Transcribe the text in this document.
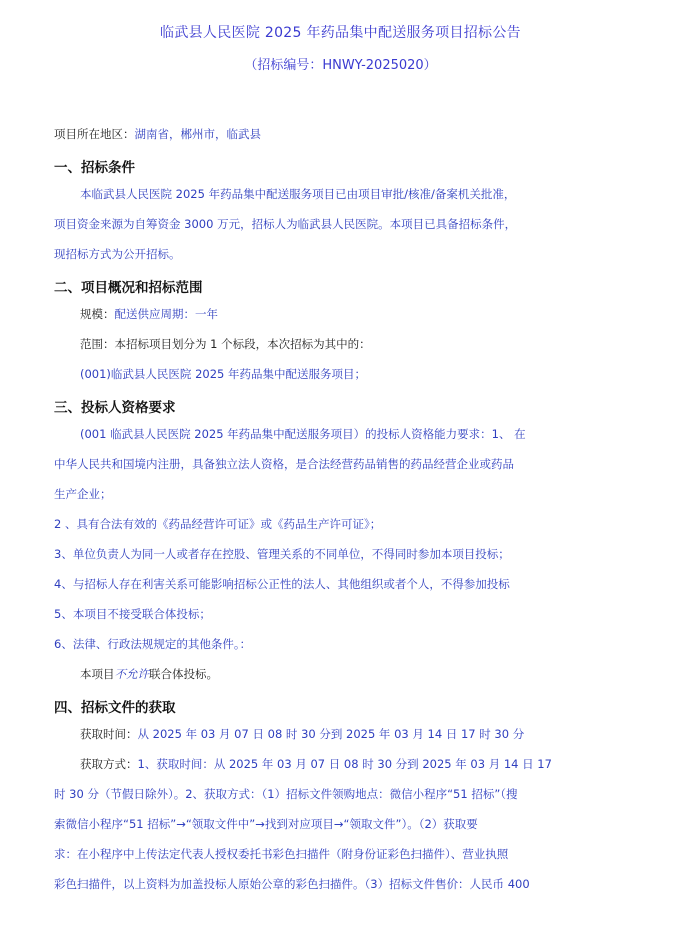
临武县人民医院 2025 年药品集中配送服务项目招标公告
（招标编号：HNWY-2025020）
项目所在地区：湖南省，郴州市，临武县
一、招标条件
本临武县人民医院 2025 年药品集中配送服务项目已由项目审批/核准/备案机关批准，
项目资金来源为自筹资金 3000 万元，招标人为临武县人民医院。本项目已具备招标条件，
现招标方式为公开招标。
二、项目概况和招标范围
规模：配送供应周期：一年
范围：本招标项目划分为 1 个标段，本次招标为其中的：
(001)临武县人民医院 2025 年药品集中配送服务项目；
三、投标人资格要求
(001 临武县人民医院 2025 年药品集中配送服务项目）的投标人资格能力要求：1、 在
中华人民共和国境内注册，具备独立法人资格，是合法经营药品销售的药品经营企业或药品
生产企业；
2 、具有合法有效的《药品经营许可证》或《药品生产许可证》；
3、单位负责人为同一人或者存在控股、管理关系的不同单位，不得同时参加本项目投标；
4、与招标人存在利害关系可能影响招标公正性的法人、其他组织或者个人，不得参加投标
5、本项目不接受联合体投标；
6、法律、行政法规规定的其他条件。：
本项目不允许联合体投标。
四、招标文件的获取
获取时间：从 2025 年 03 月 07 日 08 时 30 分到 2025 年 03 月 14 日 17 时 30 分
获取方式：1、获取时间：从 2025 年 03 月 07 日 08 时 30 分到 2025 年 03 月 14 日 17
时 30 分（节假日除外）。2、获取方式：（1）招标文件领购地点：微信小程序“51 招标”（搜
索微信小程序“51 招标”→“领取文件中”→找到对应项目→“领取文件”）。（2）获取要
求：在小程序中上传法定代表人授权委托书彩色扫描件（附身份证彩色扫描件）、营业执照
彩色扫描件，以上资料为加盖投标人原始公章的彩色扫描件。（3）招标文件售价：人民币 400
